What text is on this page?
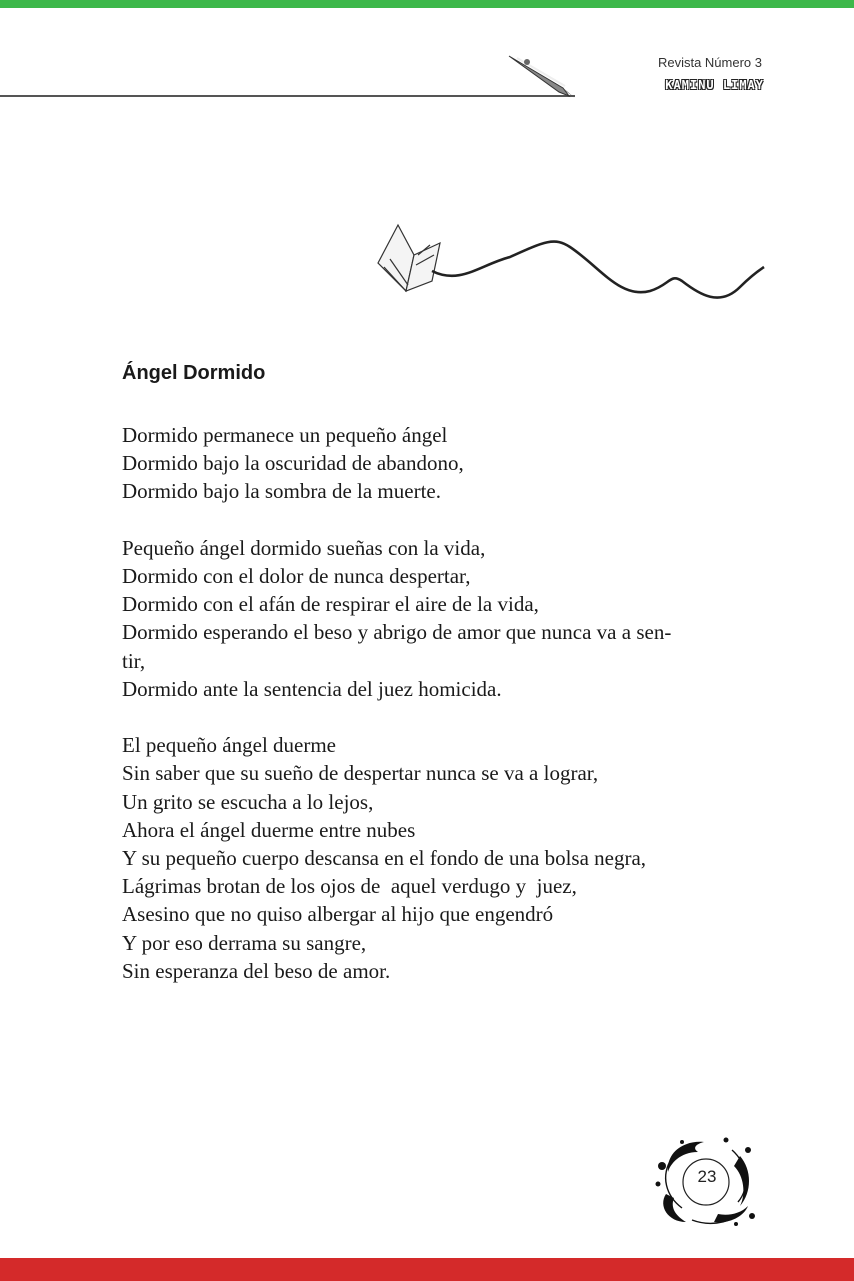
Revista Número 3
KAMINU LIMAY
Ángel Dormido
Dormido permanece un pequeño ángel
Dormido bajo la oscuridad de abandono,
Dormido bajo la sombra de la muerte.
Pequeño ángel dormido sueñas con la vida,
Dormido con el dolor de nunca despertar,
Dormido con el afán de respirar el aire de la vida,
Dormido esperando el beso y abrigo de amor que nunca va a sen-
tir,
Dormido ante la sentencia del juez homicida.
El pequeño ángel duerme
Sin saber que su sueño de despertar nunca se va a lograr,
Un grito se escucha a lo lejos,
Ahora el ángel duerme entre nubes
Y su pequeño cuerpo descansa en el fondo de una bolsa negra,
Lágrimas brotan de los ojos de  aquel verdugo y  juez,
Asesino que no quiso albergar al hijo que engendró
Y por eso derrama su sangre,
Sin esperanza del beso de amor.
23
